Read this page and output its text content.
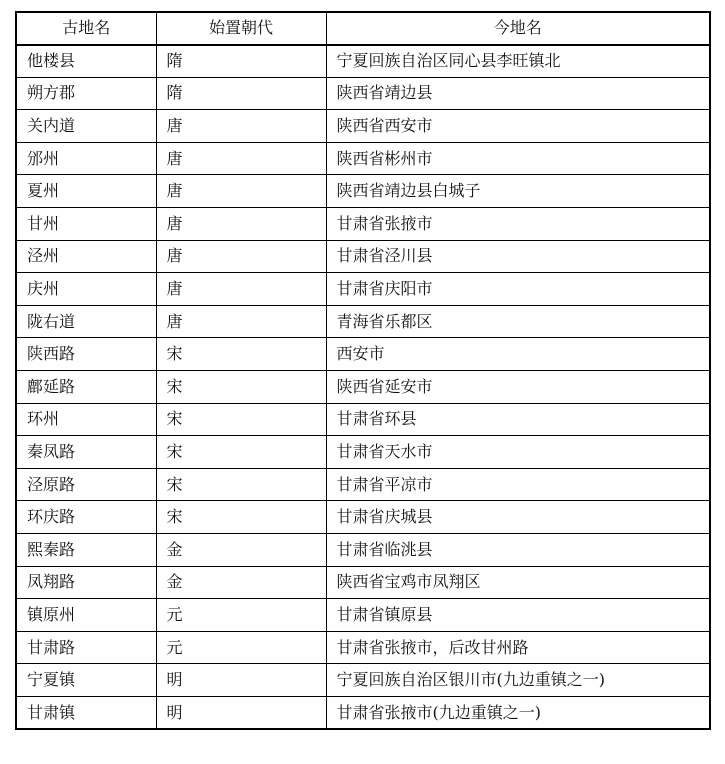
古地名	始置朝代	今地名
他楼县	隋	宁夏回族自治区同心县李旺镇北
朔方郡	隋	陕西省靖边县
关内道	唐	陕西省西安市
邠州	唐	陕西省彬州市
夏州	唐	陕西省靖边县白城子
甘州	唐	甘肃省张掖市
泾州	唐	甘肃省泾川县
庆州	唐	甘肃省庆阳市
陇右道	唐	青海省乐都区
陕西路	宋	西安市
鄜延路	宋	陕西省延安市
环州	宋	甘肃省环县
秦凤路	宋	甘肃省天水市
泾原路	宋	甘肃省平凉市
环庆路	宋	甘肃省庆城县
熙秦路	金	甘肃省临洮县
凤翔路	金	陕西省宝鸡市凤翔区
镇原州	元	甘肃省镇原县
甘肃路	元	甘肃省张掖市，后改甘州路
宁夏镇	明	宁夏回族自治区银川市(九边重镇之一)
甘肃镇	明	甘肃省张掖市(九边重镇之一)
